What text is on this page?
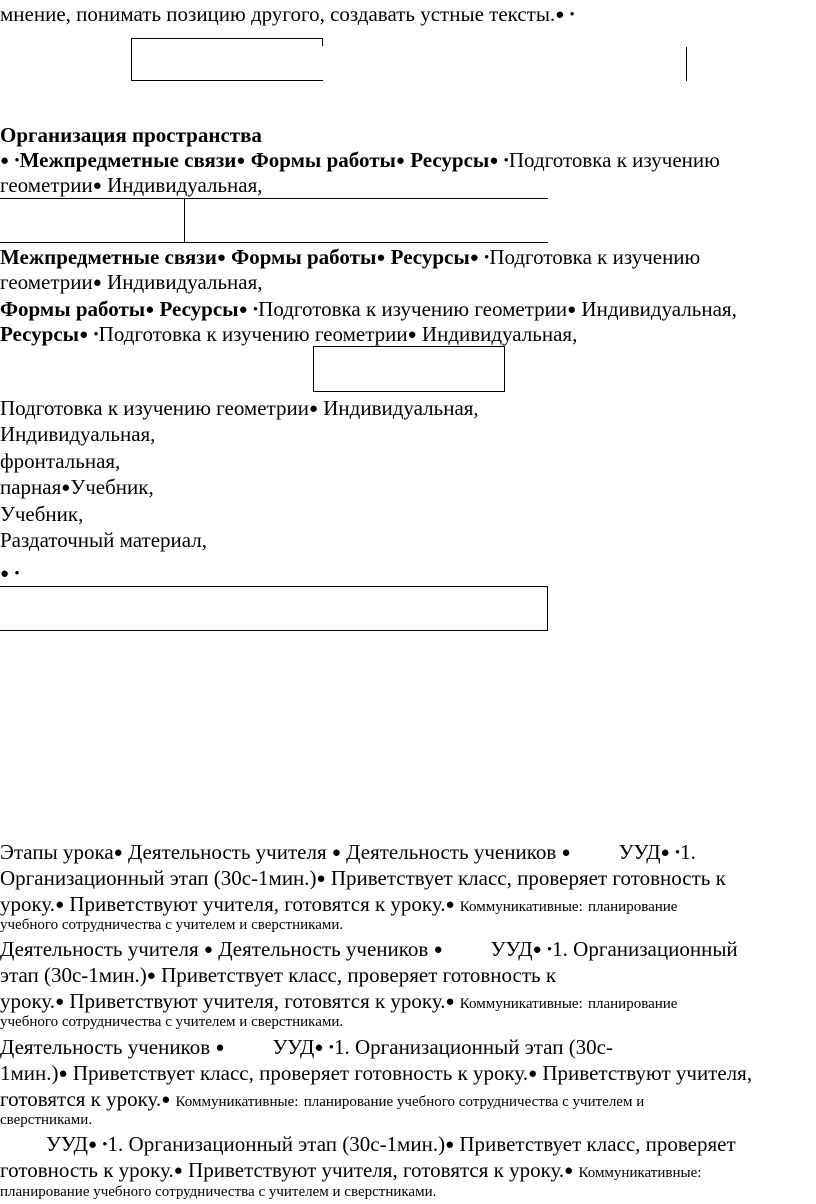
мнение, понимать позицию другого, создавать устные тексты.● •
Организация пространства
● •Межпредметные связи● Формы работы● Ресурсы● •Подготовка к изучению
геометрии● Индивидуальная,
Межпредметные связи● Формы работы● Ресурсы● •Подготовка к изучению
геометрии● Индивидуальная,
Формы работы● Ресурсы● •Подготовка к изучению геометрии● Индивидуальная,
Ресурсы● •Подготовка к изучению геометрии● Индивидуальная,
Подготовка к изучению геометрии● Индивидуальная,
Индивидуальная,
фронтальная,
парная●Учебник,
Учебник,
Раздаточный материал,
● •
Этапы урока● Деятельность учителя ● Деятельность учеников ● УУД● •1.
Организационный этап (30с-1мин.)● Приветствует класс, проверяет готовность к
уроку.● Приветствуют учителя, готовятся к уроку.● Коммуникативные: планирование
учебного сотрудничества с учителем и сверстниками.
Деятельность учителя ● Деятельность учеников ● УУД● •1. Организационный
этап (30с-1мин.)● Приветствует класс, проверяет готовность к
уроку.● Приветствуют учителя, готовятся к уроку.● Коммуникативные: планирование
учебного сотрудничества с учителем и сверстниками.
Деятельность учеников ● УУД● •1. Организационный этап (30с-
1мин.)● Приветствует класс, проверяет готовность к уроку.● Приветствуют учителя,
готовятся к уроку.● Коммуникативные: планирование учебного сотрудничества с учителем и
сверстниками.
УУД● •1. Организационный этап (30с-1мин.)● Приветствует класс, проверяет
готовность к уроку.● Приветствуют учителя, готовятся к уроку.● Коммуникативные:
планирование учебного сотрудничества с учителем и сверстниками.
